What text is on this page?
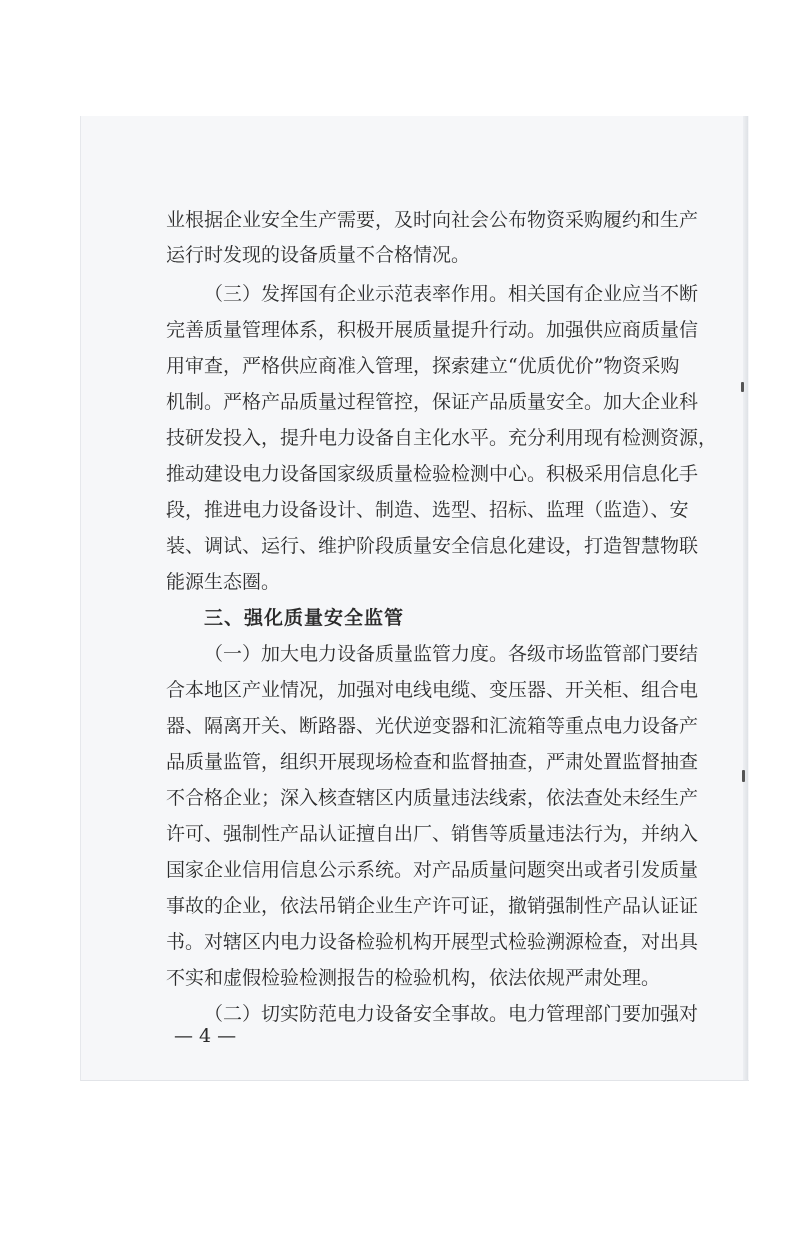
业根据企业安全生产需要，及时向社会公布物资采购履约和生产
运行时发现的设备质量不合格情况。
（三）发挥国有企业示范表率作用。相关国有企业应当不断
完善质量管理体系，积极开展质量提升行动。加强供应商质量信
用审查，严格供应商准入管理，探索建立“优质优价”物资采购
机制。严格产品质量过程管控，保证产品质量安全。加大企业科
技研发投入，提升电力设备自主化水平。充分利用现有检测资源，
推动建设电力设备国家级质量检验检测中心。积极采用信息化手
段，推进电力设备设计、制造、选型、招标、监理（监造）、安
装、调试、运行、维护阶段质量安全信息化建设，打造智慧物联
能源生态圈。
三、强化质量安全监管
（一）加大电力设备质量监管力度。各级市场监管部门要结
合本地区产业情况，加强对电线电缆、变压器、开关柜、组合电
器、隔离开关、断路器、光伏逆变器和汇流箱等重点电力设备产
品质量监管，组织开展现场检查和监督抽查，严肃处置监督抽查
不合格企业；深入核查辖区内质量违法线索，依法查处未经生产
许可、强制性产品认证擅自出厂、销售等质量违法行为，并纳入
国家企业信用信息公示系统。对产品质量问题突出或者引发质量
事故的企业，依法吊销企业生产许可证，撤销强制性产品认证证
书。对辖区内电力设备检验机构开展型式检验溯源检查，对出具
不实和虚假检验检测报告的检验机构，依法依规严肃处理。
（二）切实防范电力设备安全事故。电力管理部门要加强对
— 4 —
